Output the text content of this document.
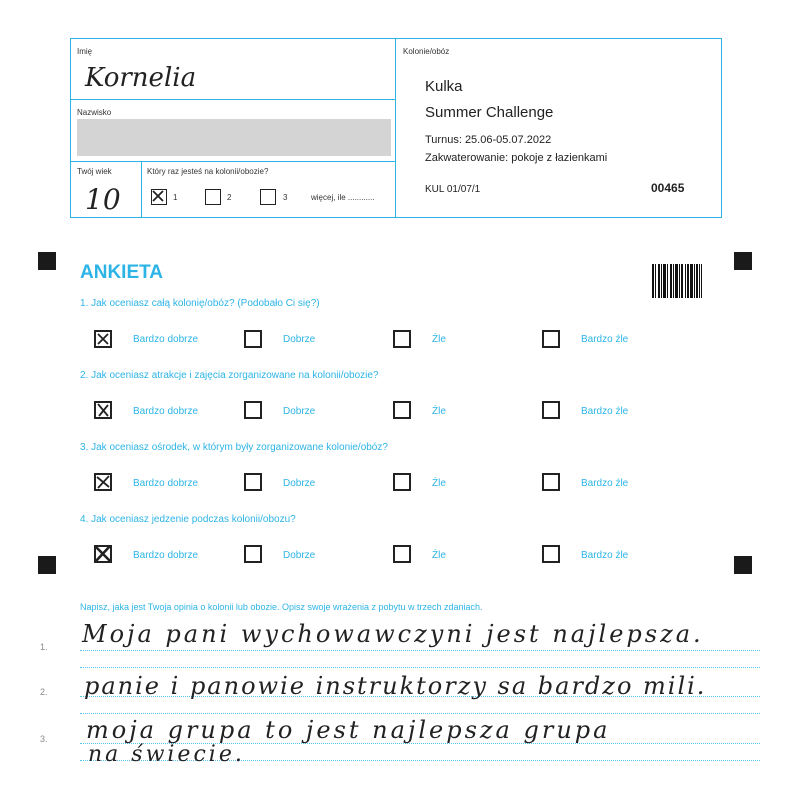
Imię
Kornelia
Nazwisko
Twój wiek
10
Który raz jesteś na kolonii/obozie?
1	2	3	więcej, ile ............
Kolonie/obóz
Kulka
Summer Challenge
Turnus: 25.06-05.07.2022
Zakwaterowanie: pokoje z łazienkami
KUL 01/07/1	00465
ANKIETA
1. Jak oceniasz całą kolonię/obóz? (Podobało Ci się?)
Bardzo dobrze	Dobrze	Źle	Bardzo źle
2. Jak oceniasz atrakcje i zajęcia zorganizowane na kolonii/obozie?
Bardzo dobrze	Dobrze	Źle	Bardzo źle
3. Jak oceniasz ośrodek, w którym były zorganizowane kolonie/obóz?
Bardzo dobrze	Dobrze	Źle	Bardzo źle
4. Jak oceniasz jedzenie podczas kolonii/obozu?
Bardzo dobrze	Dobrze	Źle	Bardzo źle
Napisz, jaka jest Twoja opinia o kolonii lub obozie. Opisz swoje wrażenia z pobytu w trzech zdaniach.
1.
2.
3.
Moja pani wychowawczyni jest najlepsza.
panie i panowie instruktorzy sa bardzo mili.
moja grupa to jest najlepsza grupa
na świecie.
